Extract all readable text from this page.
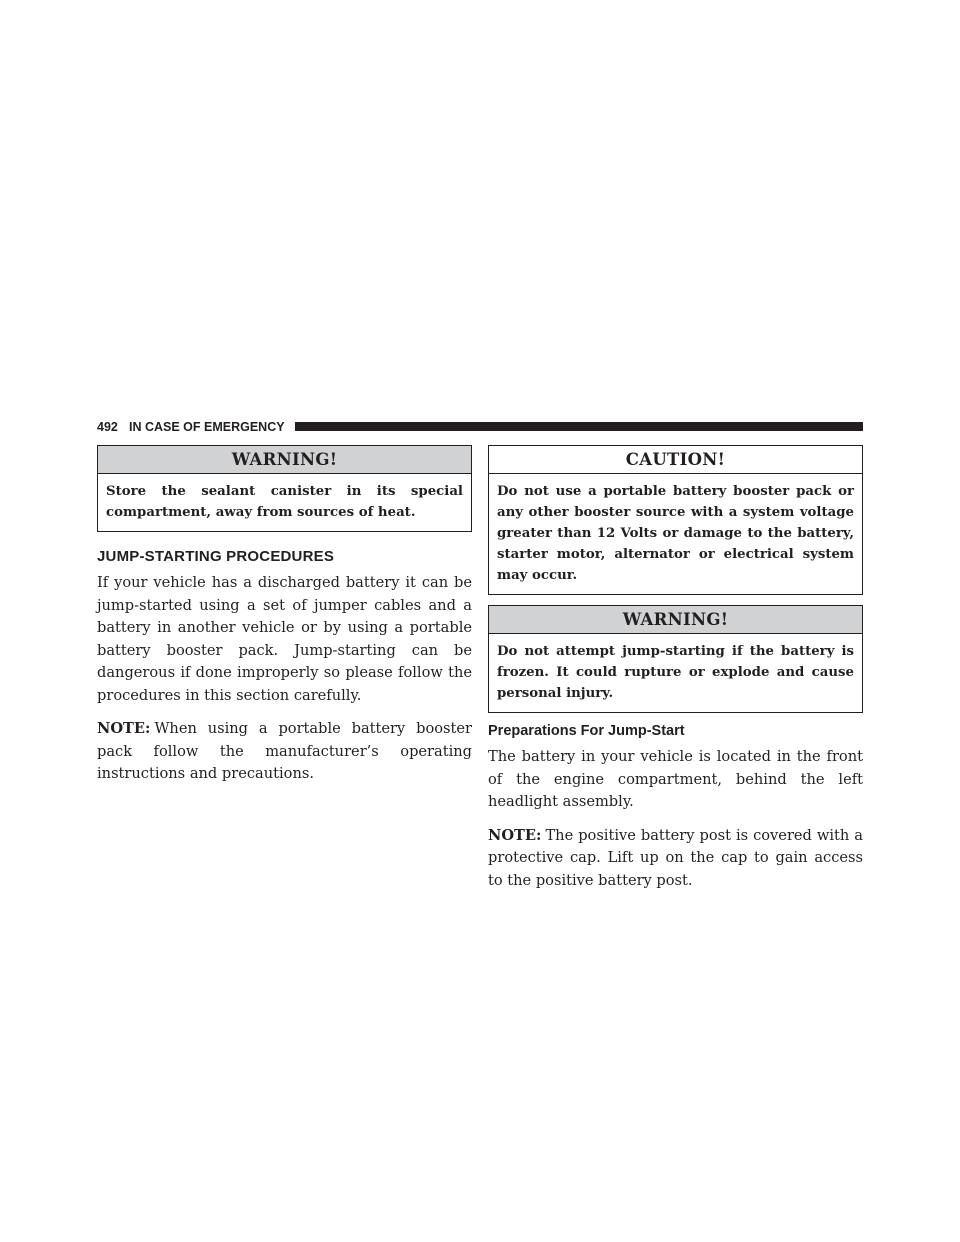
492 IN CASE OF EMERGENCY
WARNING!
Store the sealant canister in its special compartment, away from sources of heat.
JUMP-STARTING PROCEDURES

If your vehicle has a discharged battery it can be jump-started using a set of jumper cables and a battery in another vehicle or by using a portable battery booster pack. Jump-starting can be dangerous if done improperly so please follow the procedures in this section carefully.

NOTE: When using a portable battery booster pack follow the manufacturer’s operating instructions and precautions.

CAUTION!
Do not use a portable battery booster pack or any other booster source with a system voltage greater than 12 Volts or damage to the battery, starter motor, alternator or electrical system may occur.
WARNING!
Do not attempt jump-starting if the battery is frozen. It could rupture or explode and cause personal injury.
Preparations For Jump-Start

The battery in your vehicle is located in the front of the engine compartment, behind the left headlight assembly.

NOTE: The positive battery post is covered with a protective cap. Lift up on the cap to gain access to the positive battery post.
